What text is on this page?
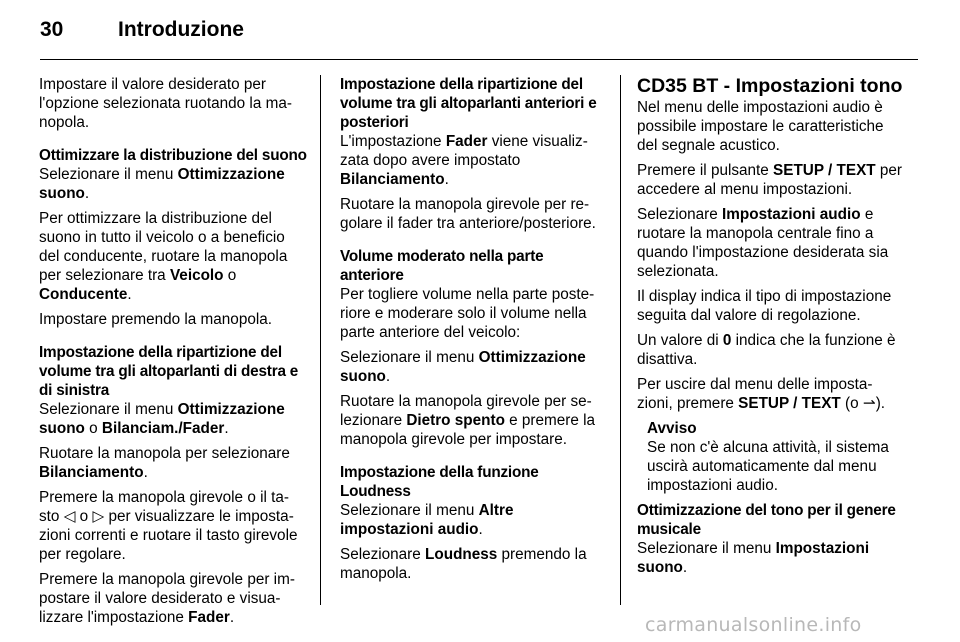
30	Introduzione

Impostare il valore desiderato per l'opzione selezionata ruotando la ma-nopola.

Ottimizzare la distribuzione del suono

Selezionare il menu Ottimizzazione suono.

Per ottimizzare la distribuzione del suono in tutto il veicolo o a beneficio del conducente, ruotare la manopola per selezionare tra Veicolo o Conducente.

Impostare premendo la manopola.

Impostazione della ripartizione del volume tra gli altoparlanti di destra e di sinistra

Selezionare il menu Ottimizzazione suono o Bilanciam./Fader.

Ruotare la manopola per selezionare Bilanciamento.

Premere la manopola girevole o il ta-sto ◁ o ▷ per visualizzare le imposta-zioni correnti e ruotare il tasto girevole per regolare.

Premere la manopola girevole per im-postare il valore desiderato e visua-lizzare l'impostazione Fader.

Impostazione della ripartizione del volume tra gli altoparlanti anteriori e posteriori

L'impostazione Fader viene visualiz-zata dopo avere impostato Bilanciamento.

Ruotare la manopola girevole per re-golare il fader tra anteriore/posteriore.

Volume moderato nella parte anteriore

Per togliere volume nella parte poste-riore e moderare solo il volume nella parte anteriore del veicolo:

Selezionare il menu Ottimizzazione suono.

Ruotare la manopola girevole per se-lezionare Dietro spento e premere la manopola girevole per impostare.

Impostazione della funzione Loudness

Selezionare il menu Altre impostazioni audio.

Selezionare Loudness premendo la manopola.

CD35 BT - Impostazioni tono

Nel menu delle impostazioni audio è possibile impostare le caratteristiche del segnale acustico.

Premere il pulsante SETUP / TEXT per accedere al menu impostazioni.

Selezionare Impostazioni audio e ruotare la manopola centrale fino a quando l'impostazione desiderata sia selezionata.

Il display indica il tipo di impostazione seguita dal valore di regolazione.

Un valore di 0 indica che la funzione è disattiva.

Per uscire dal menu delle imposta-zioni, premere SETUP / TEXT (o ⇀).

Avviso
Se non c'è alcuna attività, il sistema uscirà automaticamente dal menu impostazioni audio.
Ottimizzazione del tono per il genere musicale

Selezionare il menu Impostazioni suono.

carmanualsonline.info
